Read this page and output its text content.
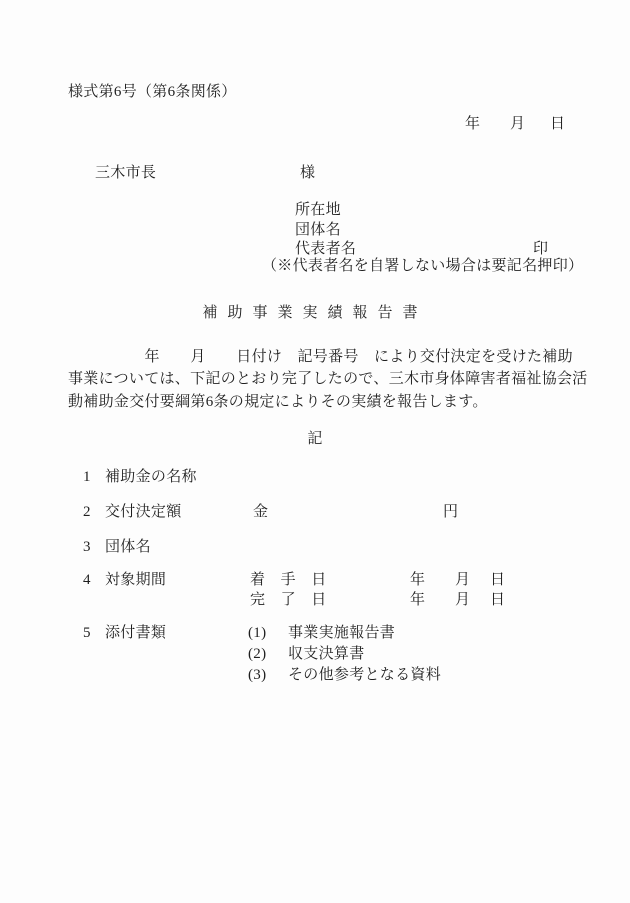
様式第6号（第6条関係）
年 月 日
三木市長	様
所在地
団体名
代表者名	印
（※代表者名を自署しない場合は要記名押印）
補助事業実績報告書
　　　　　年　　月　　日付け　記号番号　により交付決定を受けた補助
事業については、下記のとおり完了したので、三木市身体障害者福祉協会活
動補助金交付要綱第6条の規定によりその実績を報告します。
記
1 補助金の名称
2 交付決定額	金	円
3 団体名
4 対象期間	着　手　日	年 月 日
完　了　日	年 月 日
5 添付書類	(1) 事業実施報告書
(2) 収支決算書
(3) その他参考となる資料
